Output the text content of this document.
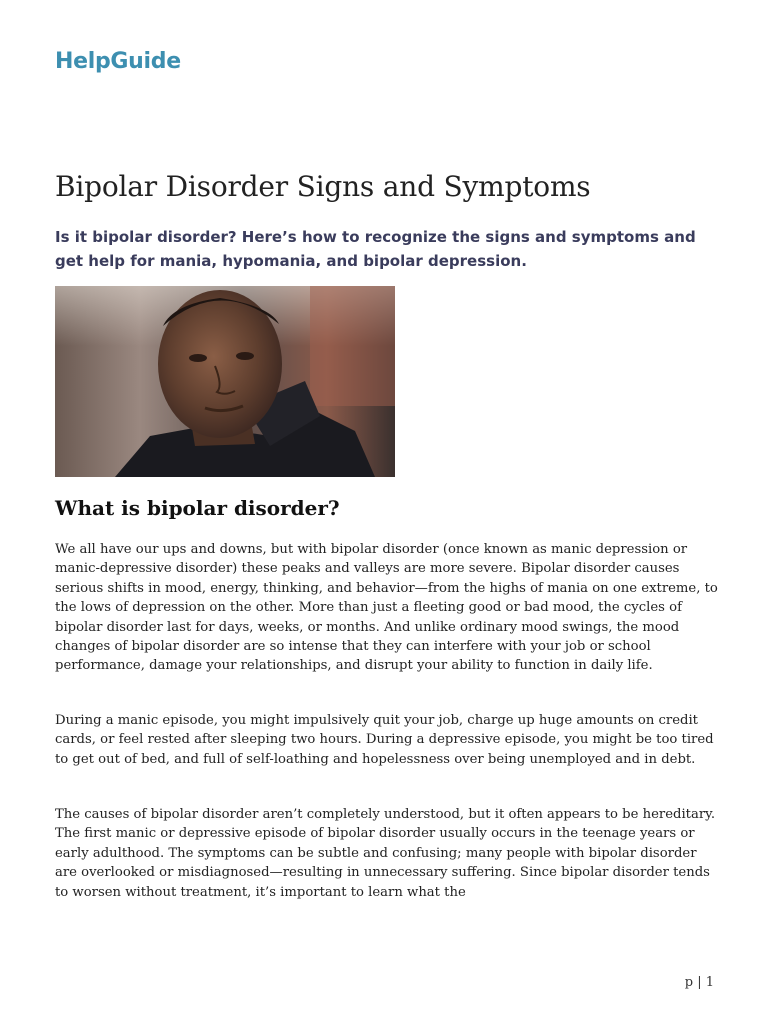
HelpGuide
Bipolar Disorder Signs and Symptoms

Is it bipolar disorder? Here’s how to recognize the signs and symptoms and get help for mania, hypomania, and bipolar depression.

What is bipolar disorder?

We all have our ups and downs, but with bipolar disorder (once known as manic depression or manic-depressive disorder) these peaks and valleys are more severe. Bipolar disorder causes serious shifts in mood, energy, thinking, and behavior—from the highs of mania on one extreme, to the lows of depression on the other. More than just a fleeting good or bad mood, the cycles of bipolar disorder last for days, weeks, or months. And unlike ordinary mood swings, the mood changes of bipolar disorder are so intense that they can interfere with your job or school performance, damage your relationships, and disrupt your ability to function in daily life.

During a manic episode, you might impulsively quit your job, charge up huge amounts on credit cards, or feel rested after sleeping two hours. During a depressive episode, you might be too tired to get out of bed, and full of self-loathing and hopelessness over being unemployed and in debt.

The causes of bipolar disorder aren’t completely understood, but it often appears to be hereditary. The first manic or depressive episode of bipolar disorder usually occurs in the teenage years or early adulthood. The symptoms can be subtle and confusing; many people with bipolar disorder are overlooked or misdiagnosed—resulting in unnecessary suffering. Since bipolar disorder tends to worsen without treatment, it’s important to learn what the

p | 1
